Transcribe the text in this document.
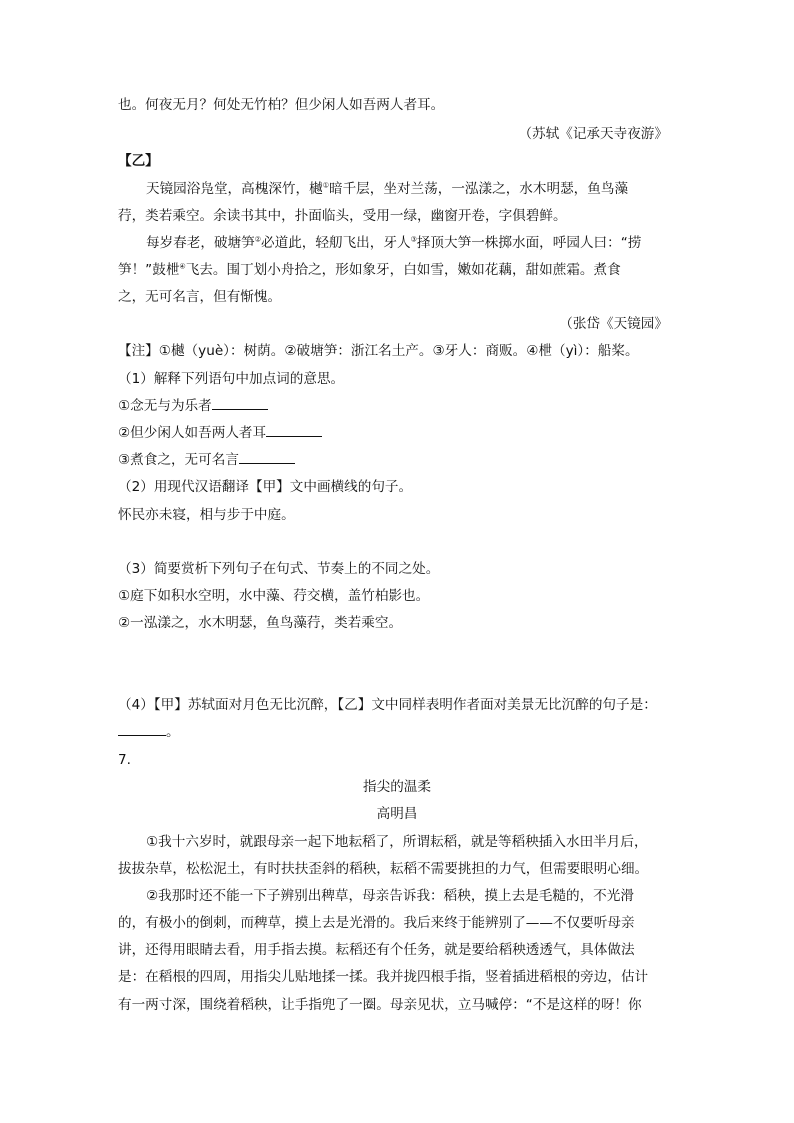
也。何夜无月？何处无竹柏？但少闲人如吾两人者耳。
（苏轼《记承天寺夜游》
【乙】
天镜园浴凫堂，高槐深竹，樾①暗千层，坐对兰荡，一泓漾之，水木明瑟，鱼鸟藻
荇，类若乘空。余读书其中，扑面临头，受用一绿，幽窗开卷，字俱碧鲜。
每岁春老，破塘笋②必道此，轻舠飞出，牙人③择顶大笋一株掷水面，呼园人曰：“捞
笋！”鼓枻④飞去。围丁划小舟拾之，形如象牙，白如雪，嫩如花藕，甜如蔗霜。煮食
之，无可名言，但有惭愧。
（张岱《天镜园》
【注】①樾（yuè）：树荫。②破塘笋：浙江名土产。③牙人：商贩。④枻（yì）：船桨。
（1）解释下列语句中加点词的意思。
①念无与为乐者
②但少闲人如吾两人者耳
③煮食之，无可名言
（2）用现代汉语翻译【甲】文中画横线的句子。
怀民亦未寝，相与步于中庭。
（3）简要赏析下列句子在句式、节奏上的不同之处。
①庭下如积水空明，水中藻、荇交横，盖竹柏影也。
②一泓漾之，水木明瑟，鱼鸟藻荇，类若乘空。
（4）【甲】苏轼面对月色无比沉醉，【乙】文中同样表明作者面对美景无比沉醉的句子是：
。
7.
指尖的温柔
高明昌
①我十六岁时，就跟母亲一起下地耘稻了，所谓耘稻，就是等稻秧插入水田半月后，
拔拔杂草，松松泥土，有时扶扶歪斜的稻秧，耘稻不需要挑担的力气，但需要眼明心细。
②我那时还不能一下子辨别出稗草，母亲告诉我：稻秧，摸上去是毛糙的，不光滑
的，有极小的倒刺，而稗草，摸上去是光滑的。我后来终于能辨别了——不仅要听母亲
讲，还得用眼睛去看，用手指去摸。耘稻还有个任务，就是要给稻秧透透气，具体做法
是：在稻根的四周，用指尖儿贴地揉一揉。我并拢四根手指，竖着插进稻根的旁边，估计
有一两寸深，围绕着稻秧，让手指兜了一圈。母亲见状，立马喊停：“不是这样的呀！你
